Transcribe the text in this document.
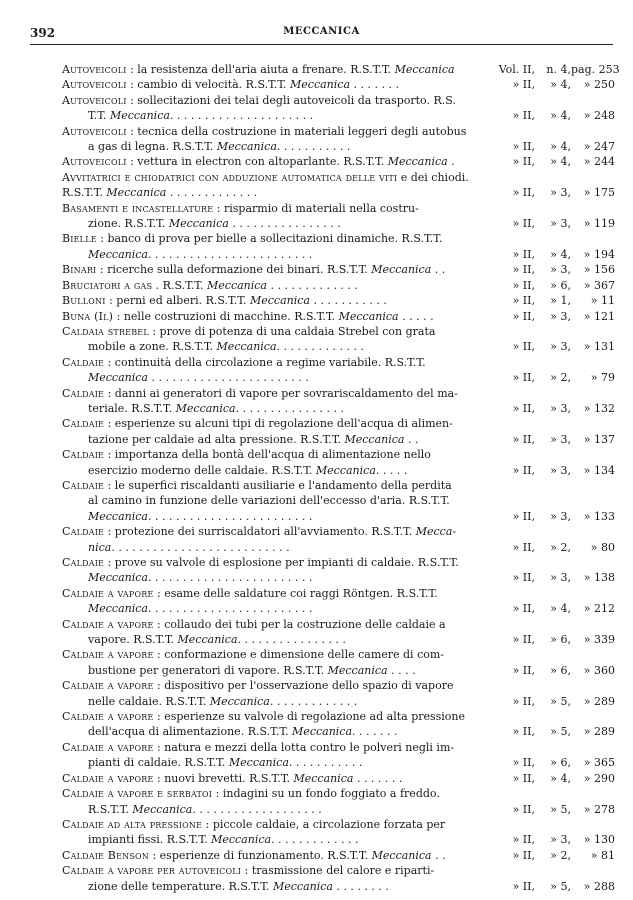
392	MECCANICA
Autoveicoli : la resistenza dell'aria aiuta a frenare. R.S.T.T. Meccanica	Vol. II, n. 4,pag. 253
Autoveicoli : cambio di velocità. R.S.T.T. Meccanica . . . . . . .	» II, » 4, » 250
Autoveicoli : sollecitazioni dei telai degli autoveicoli da trasporto. R.S.
T.T. Meccanica. . . . . . . . . . . . . . . . . . . . .	» II, » 4, » 248
Autoveicoli : tecnica della costruzione in materiali leggeri degli autobus
a gas di legna. R.S.T.T. Meccanica. . . . . . . . . . .	» II, » 4, » 247
Autoveicoli : vettura in electron con altoparlante. R.S.T.T. Meccanica .	» II, » 4, » 244
Avvitatrici e chiodatrici con adduzione automatica delle viti e dei chiodi. R.S.T.T. Meccanica . . . . . . . . . . . . .	» II, » 3, » 175
Basamenti e incastellature : risparmio di materiali nella costru-
zione. R.S.T.T. Meccanica . . . . . . . . . . . . . . . .	» II, » 3, » 119
Bielle : banco di prova per bielle a sollecitazioni dinamiche. R.S.T.T.
Meccanica. . . . . . . . . . . . . . . . . . . . . . . .	» II, » 4, » 194
Binari : ricerche sulla deformazione dei binari. R.S.T.T. Meccanica . .	» II, » 3, » 156
Bruciatori a gas . R.S.T.T. Meccanica . . . . . . . . . . . . .	» II, » 6, » 367
Bulloni : perni ed alberi. R.S.T.T. Meccanica . . . . . . . . . . .	» II, » 1, » 11
Buna (Il) : nelle costruzioni di macchine. R.S.T.T. Meccanica . . . . .	» II, » 3, » 121
Caldaia strebel : prove di potenza di una caldaia Strebel con grata
mobile a zone. R.S.T.T. Meccanica. . . . . . . . . . . . .	» II, » 3, » 131
Caldaie : continuità della circolazione a regime variabile. R.S.T.T.
Meccanica . . . . . . . . . . . . . . . . . . . . . . .	» II, » 2, » 79
Caldaie : danni ai generatori di vapore per sovrariscaldamento del ma-
teriale. R.S.T.T. Meccanica. . . . . . . . . . . . . . . .	» II, » 3, » 132
Caldaie : esperienze su alcuni tipi di regolazione dell'acqua di alimen-
tazione per caldaie ad alta pressione. R.S.T.T. Meccanica . .	» II, » 3, » 137
Caldaie : importanza della bontà dell'acqua di alimentazione nello
esercizio moderno delle caldaie. R.S.T.T. Meccanica. . . . .	» II, » 3, » 134
Caldaie : le superfici riscaldanti ausiliarie e l'andamento della perdita
al camino in funzione delle variazioni dell'eccesso d'aria. R.S.T.T.
Meccanica. . . . . . . . . . . . . . . . . . . . . . . .	» II, » 3, » 133
Caldaie : protezione dei surriscaldatori all'avviamento. R.S.T.T. Mecca-
nica. . . . . . . . . . . . . . . . . . . . . . . . . .	» II, » 2, » 80
Caldaie : prove su valvole di esplosione per impianti di caldaie. R.S.T.T.
Meccanica. . . . . . . . . . . . . . . . . . . . . . . .	» II, » 3, » 138
Caldaie a vapore : esame delle saldature coi raggi Röntgen. R.S.T.T.
Meccanica. . . . . . . . . . . . . . . . . . . . . . . .	» II, » 4, » 212
Caldaie a vapore : collaudo dei tubi per la costruzione delle caldaie a
vapore. R.S.T.T. Meccanica. . . . . . . . . . . . . . . .	» II, » 6, » 339
Caldaie a vapore : conformazione e dimensione delle camere di com-
bustione per generatori di vapore. R.S.T.T. Meccanica . . . .	» II, » 6, » 360
Caldaie a vapore : dispositivo per l'osservazione dello spazio di vapore
nelle caldaie. R.S.T.T. Meccanica. . . . . . . . . . . . .	» II, » 5, » 289
Caldaie a vapore : esperienze su valvole di regolazione ad alta pressione
dell'acqua di alimentazione. R.S.T.T. Meccanica. . . . . . .	» II, » 5, » 289
Caldaie a vapore : natura e mezzi della lotta contro le polveri negli im-
pianti di caldaie. R.S.T.T. Meccanica. . . . . . . . . . .	» II, » 6, » 365
Caldaie a vapore : nuovi brevetti. R.S.T.T. Meccanica . . . . . . .	» II, » 4, » 290
Caldaie a vapore e serbatoi : indagini su un fondo foggiato a freddo.
R.S.T.T. Meccanica. . . . . . . . . . . . . . . . . . .	» II, » 5, » 278
Caldaie ad alta pressione : piccole caldaie, a circolazione forzata per
impianti fissi. R.S.T.T. Meccanica. . . . . . . . . . . . .	» II, » 3, » 130
Caldaie Benson : esperienze di funzionamento. R.S.T.T. Meccanica . .	» II, » 2, » 81
Caldaie a vapore per autoveicoli : trasmissione del calore e riparti-
zione delle temperature. R.S.T.T. Meccanica . . . . . . . .	» II, » 5, » 288
